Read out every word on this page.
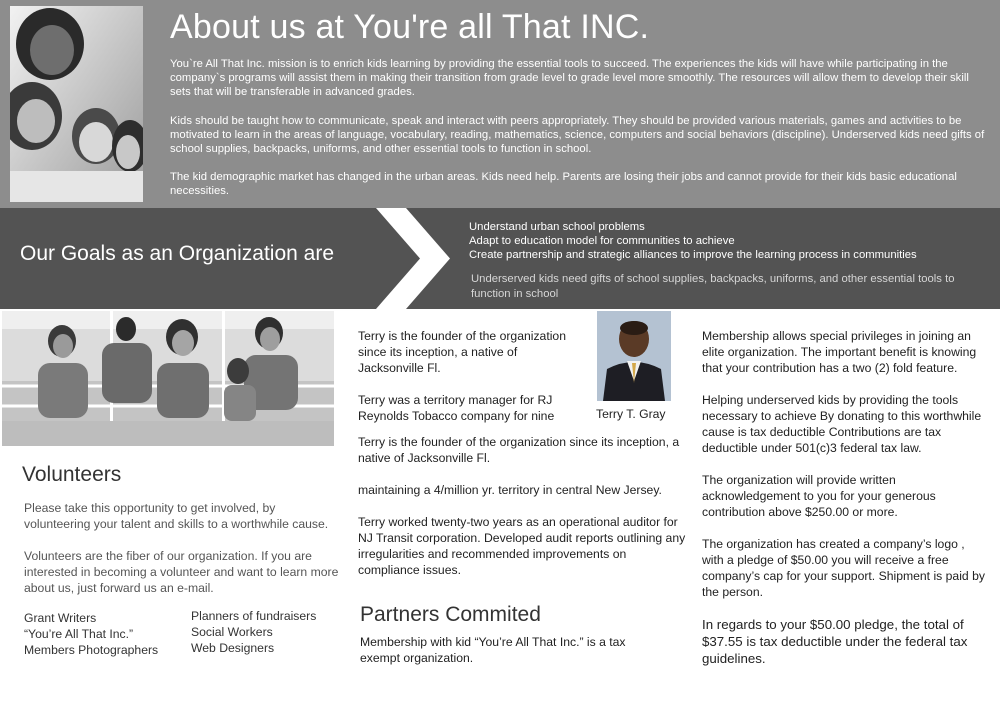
About us at You're all That INC.

You`re All That Inc. mission is to enrich kids learning by providing the essential tools to succeed. The experiences the kids will have while participating in the company`s programs will assist them in making their transition from grade level to grade level more smoothly. The resources will allow them to develop their skill sets that will be transferable in advanced grades.

Kids should be taught how to communicate, speak and interact with peers appropriately. They should be provided various materials, games and activities to be motivated to learn in the areas of language, vocabulary, reading, mathematics, science, computers and social behaviors (discipline). Underserved kids need gifts of school supplies, backpacks, uniforms, and other essential tools to function in school.

The kid demographic market has changed in the urban areas. Kids need help. Parents are losing their jobs and cannot provide for their kids basic educational necessities.

Our Goals as an Organization are
Understand urban school problems
Adapt to education model for communities to achieve
Create partnership and strategic alliances to improve the learning process in communities
Underserved kids need gifts of school supplies, backpacks, uniforms, and other essential tools to function in school
Volunteers

Please take this opportunity to get involved, by volunteering your talent and skills to a worthwhile cause.

Volunteers are the fiber of our organization. If you are interested in becoming a volunteer and want to learn more about us, just forward us an e-mail.

Grant Writers
“You’re All That Inc.”
Members Photographers
Planners of fundraisers
Social Workers
Web Designers

Terry is the founder of the organization since its inception, a native of Jacksonville Fl.

Terry was a territory manager for RJ Reynolds Tobacco company for nine	Terry T. Gray

Terry is the founder of the organization since its inception, a native of Jacksonville Fl.

maintaining a 4/million yr. territory in central New Jersey.

Terry worked twenty-two years as an operational auditor for NJ Transit corporation. Developed audit reports outlining any irregularities and recommended improvements on compliance issues.

Partners Commited
Membership with kid “You’re All That Inc.” is a tax exempt organization.

Membership allows special privileges in joining an elite organization. The important benefit is knowing that your contribution has a two (2) fold feature.

Helping underserved kids by providing the tools necessary to achieve By donating to this worthwhile cause is tax deductible Contributions are tax deductible under 501(c)3 federal tax law.

The organization will provide written acknowledgement to you for your generous contribution above $250.00 or more.

The organization has created a company’s logo , with a pledge of $50.00 you will receive a free company’s cap for your support. Shipment is paid by the person.

In regards to your $50.00 pledge, the total of $37.55 is tax deductible under the federal tax guidelines.
